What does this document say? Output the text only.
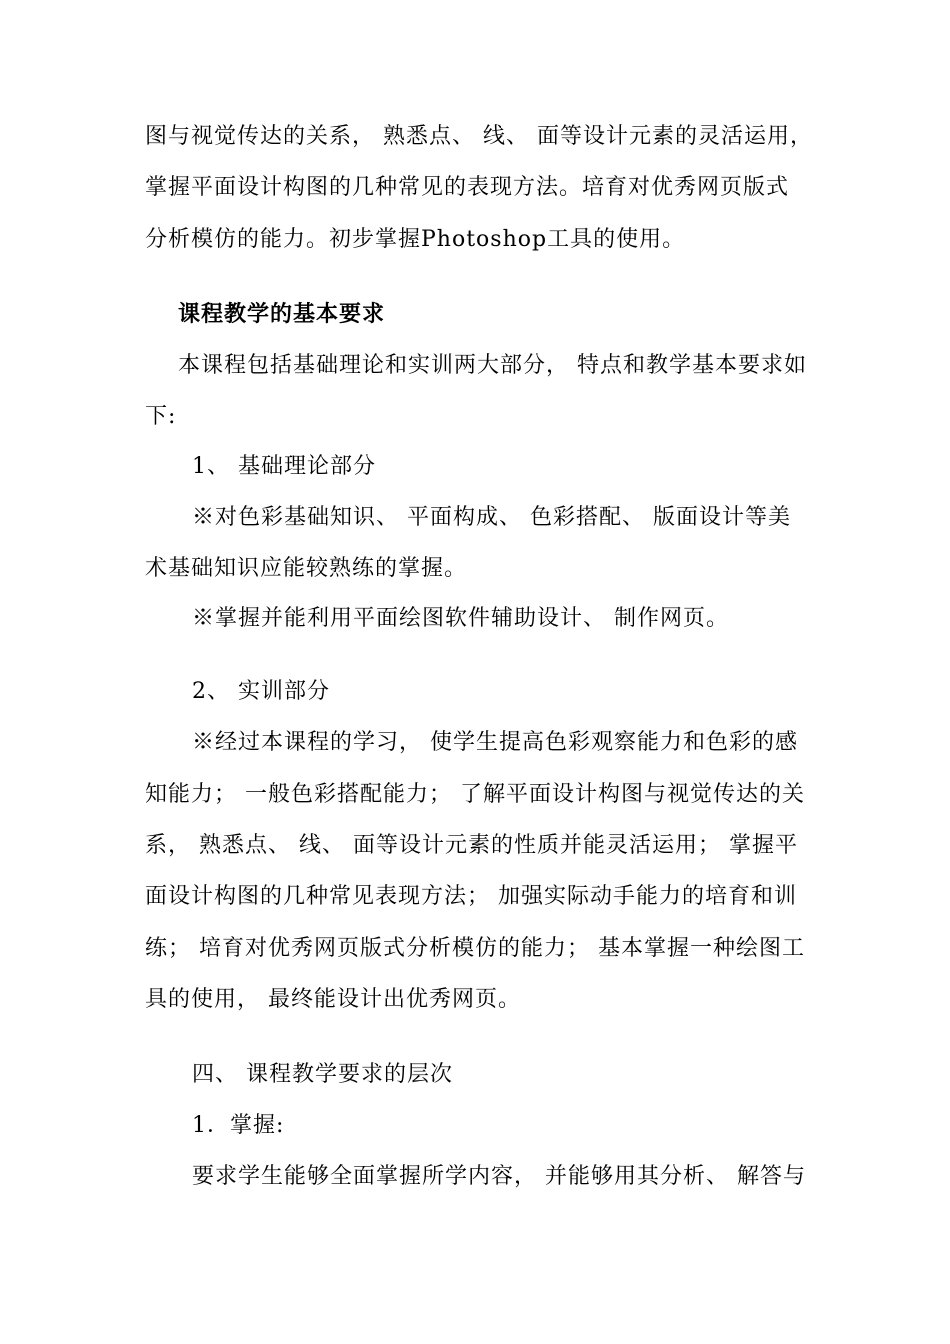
图与视觉传达的关系， 熟悉点、 线、 面等设计元素的灵活运用，
掌握平面设计构图的几种常见的表现方法。培育对优秀网页版式
分析模仿的能力。初步掌握Photoshop工具的使用。
课程教学的基本要求
本课程包括基础理论和实训两大部分， 特点和教学基本要求如
下:
1、 基础理论部分
※对色彩基础知识、 平面构成、 色彩搭配、 版面设计等美
术基础知识应能较熟练的掌握。
※掌握并能利用平面绘图软件辅助设计、 制作网页。
2、 实训部分
※经过本课程的学习， 使学生提高色彩观察能力和色彩的感
知能力； 一般色彩搭配能力； 了解平面设计构图与视觉传达的关
系， 熟悉点、 线、 面等设计元素的性质并能灵活运用； 掌握平
面设计构图的几种常见表现方法； 加强实际动手能力的培育和训
练； 培育对优秀网页版式分析模仿的能力； 基本掌握一种绘图工
具的使用， 最终能设计出优秀网页。
四、 课程教学要求的层次
1．掌握:
要求学生能够全面掌握所学内容， 并能够用其分析、 解答与
